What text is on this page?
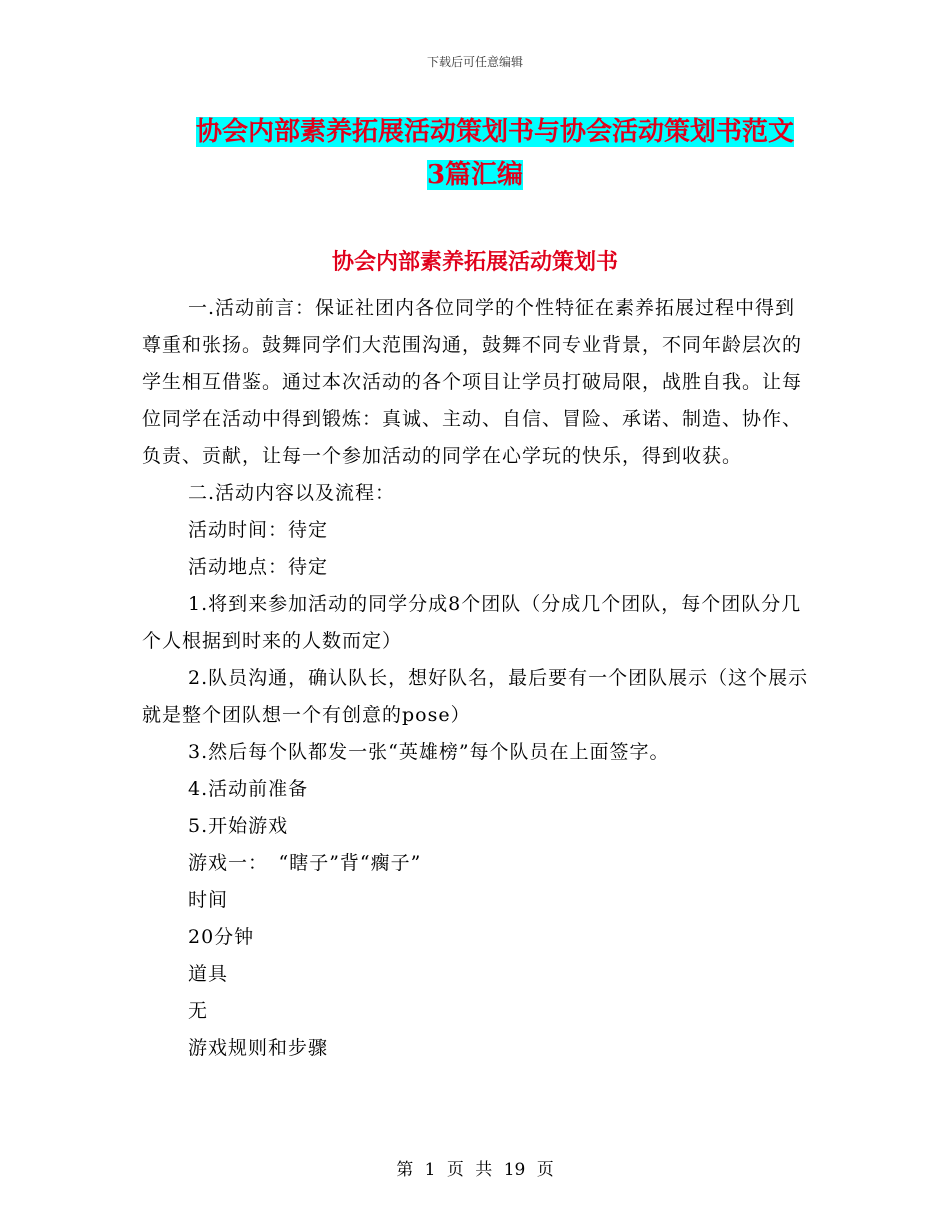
下载后可任意编辑
协会内部素养拓展活动策划书与协会活动策划书范文
3篇汇编
协会内部素养拓展活动策划书

一.活动前言：保证社团内各位同学的个性特征在素养拓展过程中得到尊重和张扬。鼓舞同学们大范围沟通，鼓舞不同专业背景，不同年龄层次的学生相互借鉴。通过本次活动的各个项目让学员打破局限，战胜自我。让每位同学在活动中得到锻炼：真诚、主动、自信、冒险、承诺、制造、协作、负责、贡献，让每一个参加活动的同学在心学玩的快乐，得到收获。

二.活动内容以及流程：

活动时间：待定

活动地点：待定

1.将到来参加活动的同学分成8个团队（分成几个团队，每个团队分几个人根据到时来的人数而定）

2.队员沟通，确认队长，想好队名，最后要有一个团队展示（这个展示就是整个团队想一个有创意的pose）

3.然后每个队都发一张“英雄榜”每个队员在上面签字。

4.活动前准备

5.开始游戏

游戏一：　“瞎子”背“瘸子”

时间

20分钟

道具

无

游戏规则和步骤

第 1 页 共 19 页
